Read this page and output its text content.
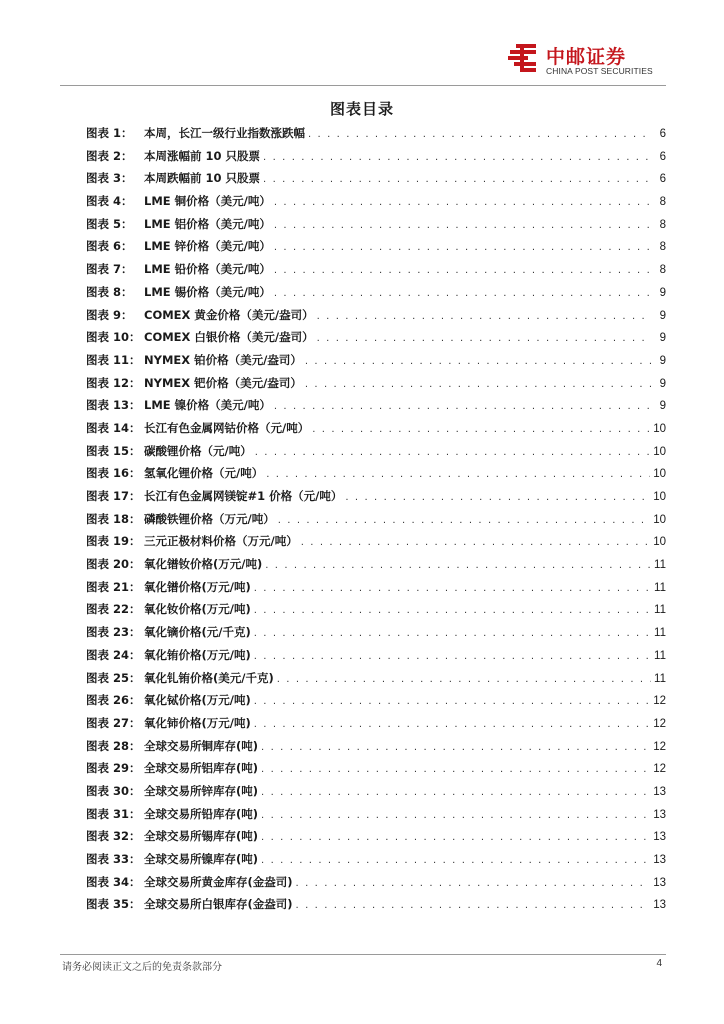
中邮证券
CHINA POST SECURITIES
图表目录
图表 1： 本周，长江一级行业指数涨跌幅 . . .	6
图表 2： 本周涨幅前 10 只股票 . . .	6
图表 3： 本周跌幅前 10 只股票 . . .	6
图表 4： LME 铜价格（美元/吨） . . .	8
图表 5： LME 铝价格（美元/吨） . . .	8
图表 6： LME 锌价格（美元/吨） . . .	8
图表 7： LME 铅价格（美元/吨） . . .	8
图表 8： LME 锡价格（美元/吨） . . .	9
图表 9： COMEX 黄金价格（美元/盎司） . . .	9
图表 10： COMEX 白银价格（美元/盎司） . . .	9
图表 11： NYMEX 铂价格（美元/盎司） . . .	9
图表 12： NYMEX 钯价格（美元/盎司） . . .	9
图表 13： LME 镍价格（美元/吨） . . .	9
图表 14： 长江有色金属网钴价格（元/吨） . . .	10
图表 15： 碳酸锂价格（元/吨） . . .	10
图表 16： 氢氧化锂价格（元/吨） . . .	10
图表 17： 长江有色金属网镁锭#1 价格（元/吨） . . .	10
图表 18： 磷酸铁锂价格（万元/吨） . . .	10
图表 19： 三元正极材料价格（万元/吨） . . .	10
图表 20： 氧化镨钕价格(万元/吨) . . .	11
图表 21： 氧化镨价格(万元/吨) . . .	11
图表 22： 氧化钕价格(万元/吨) . . .	11
图表 23： 氧化镝价格(元/千克) . . .	11
图表 24： 氧化铕价格(万元/吨) . . .	11
图表 25： 氧化钆铕价格(美元/千克) . . .	11
图表 26： 氧化铽价格(万元/吨) . . .	12
图表 27： 氧化铈价格(万元/吨) . . .	12
图表 28： 全球交易所铜库存(吨) . . .	12
图表 29： 全球交易所铝库存(吨) . . .	12
图表 30： 全球交易所锌库存(吨) . . .	13
图表 31： 全球交易所铅库存(吨) . . .	13
图表 32： 全球交易所锡库存(吨) . . .	13
图表 33： 全球交易所镍库存(吨) . . .	13
图表 34： 全球交易所黄金库存(金盎司) . . .	13
图表 35： 全球交易所白银库存(金盎司) . . .	13
请务必阅读正文之后的免责条款部分	4
